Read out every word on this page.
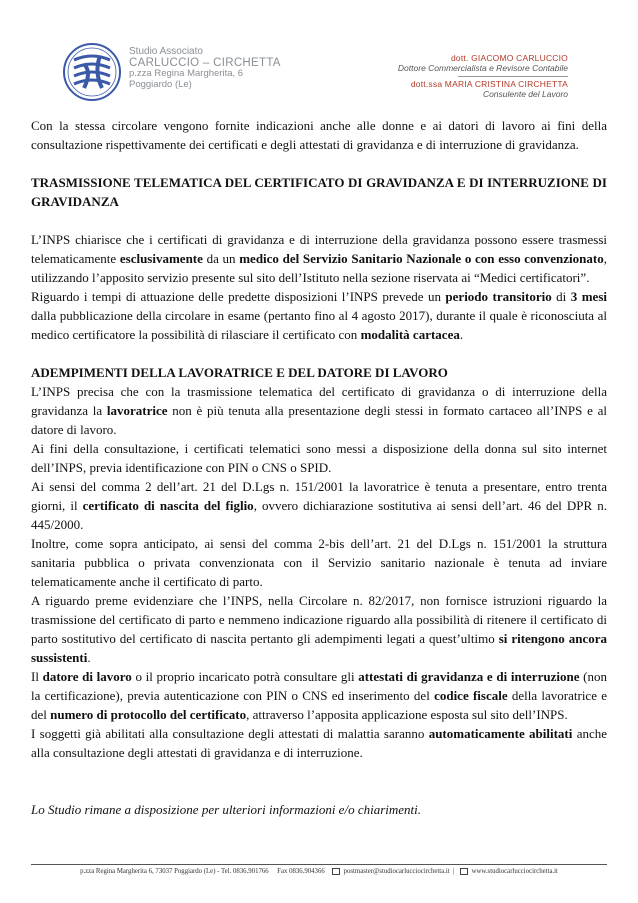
Studio Associato
CARLUCCIO – CIRCHETTA
p.zza Regina Margherita, 6
Poggiardo (Le)
dott. GIACOMO CARLUCCIO
Dottore Commercialista e Revisore Contabile
dott.ssa MARIA CRISTINA CIRCHETTA
Consulente del Lavoro

Con la stessa circolare vengono fornite indicazioni anche alle donne e ai datori di lavoro ai fini della consultazione rispettivamente dei certificati e degli attestati di gravidanza e di interruzione di gravidanza.

TRASMISSIONE TELEMATICA DEL CERTIFICATO DI GRAVIDANZA E DI INTERRUZIONE DI GRAVIDANZA

L’INPS chiarisce che i certificati di gravidanza e di interruzione della gravidanza possono essere trasmessi telematicamente esclusivamente da un medico del Servizio Sanitario Nazionale o con esso convenzionato, utilizzando l’apposito servizio presente sul sito dell’Istituto nella sezione riservata ai “Medici certificatori”.

Riguardo i tempi di attuazione delle predette disposizioni l’INPS prevede un periodo transitorio di 3 mesi dalla pubblicazione della circolare in esame (pertanto fino al 4 agosto 2017), durante il quale è riconosciuta al medico certificatore la possibilità di rilasciare il certificato con modalità cartacea.

ADEMPIMENTI DELLA LAVORATRICE E DEL DATORE DI LAVORO

L’INPS precisa che con la trasmissione telematica del certificato di gravidanza o di interruzione della gravidanza la lavoratrice non è più tenuta alla presentazione degli stessi in formato cartaceo all’INPS e al datore di lavoro.

Ai fini della consultazione, i certificati telematici sono messi a disposizione della donna sul sito internet dell’INPS, previa identificazione con PIN o CNS o SPID.

Ai sensi del comma 2 dell’art. 21 del D.Lgs n. 151/2001 la lavoratrice è tenuta a presentare, entro trenta giorni, il certificato di nascita del figlio, ovvero dichiarazione sostitutiva ai sensi dell’art. 46 del DPR n. 445/2000.

Inoltre, come sopra anticipato, ai sensi del comma 2-bis dell’art. 21 del D.Lgs n. 151/2001 la struttura sanitaria pubblica o privata convenzionata con il Servizio sanitario nazionale è tenuta ad inviare telematicamente anche il certificato di parto.

A riguardo preme evidenziare che l’INPS, nella Circolare n. 82/2017, non fornisce istruzioni riguardo la trasmissione del certificato di parto e nemmeno indicazione riguardo alla possibilità di ritenere il certificato di parto sostitutivo del certificato di nascita pertanto gli adempimenti legati a quest’ultimo si ritengono ancora sussistenti.

Il datore di lavoro o il proprio incaricato potrà consultare gli attestati di gravidanza e di interruzione (non la certificazione), previa autenticazione con PIN o CNS ed inserimento del codice fiscale della lavoratrice e del numero di protocollo del certificato, attraverso l’apposita applicazione esposta sul sito dell’INPS.

I soggetti già abilitati alla consultazione degli attestati di malattia saranno automaticamente abilitati anche alla consultazione degli attestati di gravidanza e di interruzione.

Lo Studio rimane a disposizione per ulteriori informazioni e/o chiarimenti.

p.zza Regina Margherita 6, 73037 Poggiardo (Le) - Tel. 0836.901766 Fax 0836.904366	postmaster@studiocarlucciocirchetta.it  |   www.studiocarlucciocirchetta.it
